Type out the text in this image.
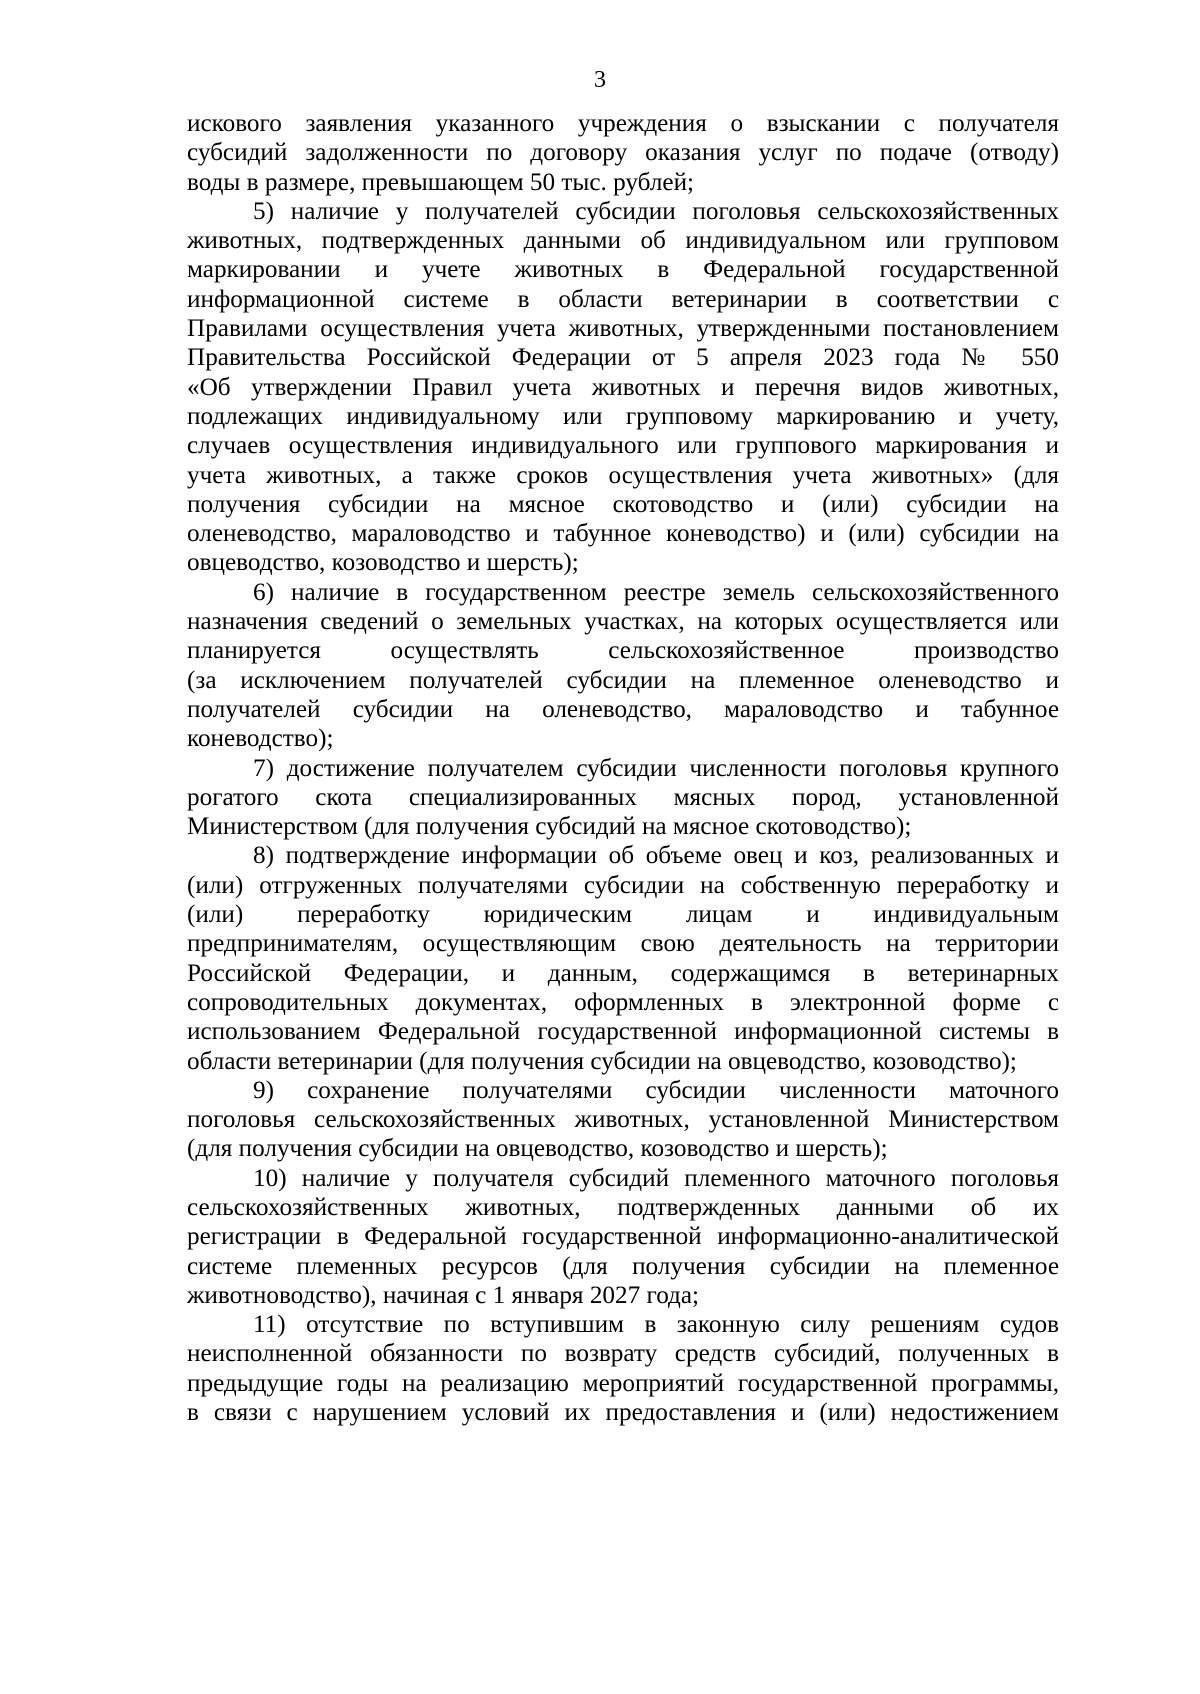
3
искового заявления указанного учреждения о взыскании с получателя
субсидий задолженности по договору оказания услуг по подаче (отводу)
воды в размере, превышающем 50 тыс. рублей;
5) наличие у получателей субсидии поголовья сельскохозяйственных
животных, подтвержденных данными об индивидуальном или групповом
маркировании и учете животных в Федеральной государственной
информационной системе в области ветеринарии в соответствии с
Правилами осуществления учета животных, утвержденными постановлением
Правительства Российской Федерации от 5 апреля 2023 года № 550
«Об утверждении Правил учета животных и перечня видов животных,
подлежащих индивидуальному или групповому маркированию и учету,
случаев осуществления индивидуального или группового маркирования и
учета животных, а также сроков осуществления учета животных» (для
получения субсидии на мясное скотоводство и (или) субсидии на
оленеводство, мараловодство и табунное коневодство) и (или) субсидии на
овцеводство, козоводство и шерсть);
6) наличие в государственном реестре земель сельскохозяйственного
назначения сведений о земельных участках, на которых осуществляется или
планируется осуществлять сельскохозяйственное производство
(за исключением получателей субсидии на племенное оленеводство и
получателей субсидии на оленеводство, мараловодство и табунное
коневодство);
7) достижение получателем субсидии численности поголовья крупного
рогатого скота специализированных мясных пород, установленной
Министерством (для получения субсидий на мясное скотоводство);
8) подтверждение информации об объеме овец и коз, реализованных и
(или) отгруженных получателями субсидии на собственную переработку и
(или) переработку юридическим лицам и индивидуальным
предпринимателям, осуществляющим свою деятельность на территории
Российской Федерации, и данным, содержащимся в ветеринарных
сопроводительных документах, оформленных в электронной форме с
использованием Федеральной государственной информационной системы в
области ветеринарии (для получения субсидии на овцеводство, козоводство);
9) сохранение получателями субсидии численности маточного
поголовья сельскохозяйственных животных, установленной Министерством
(для получения субсидии на овцеводство, козоводство и шерсть);
10) наличие у получателя субсидий племенного маточного поголовья
сельскохозяйственных животных, подтвержденных данными об их
регистрации в Федеральной государственной информационно-аналитической
системе племенных ресурсов (для получения субсидии на племенное
животноводство), начиная с 1 января 2027 года;
11) отсутствие по вступившим в законную силу решениям судов
неисполненной обязанности по возврату средств субсидий, полученных в
предыдущие годы на реализацию мероприятий государственной программы,
в связи с нарушением условий их предоставления и (или) недостижением
